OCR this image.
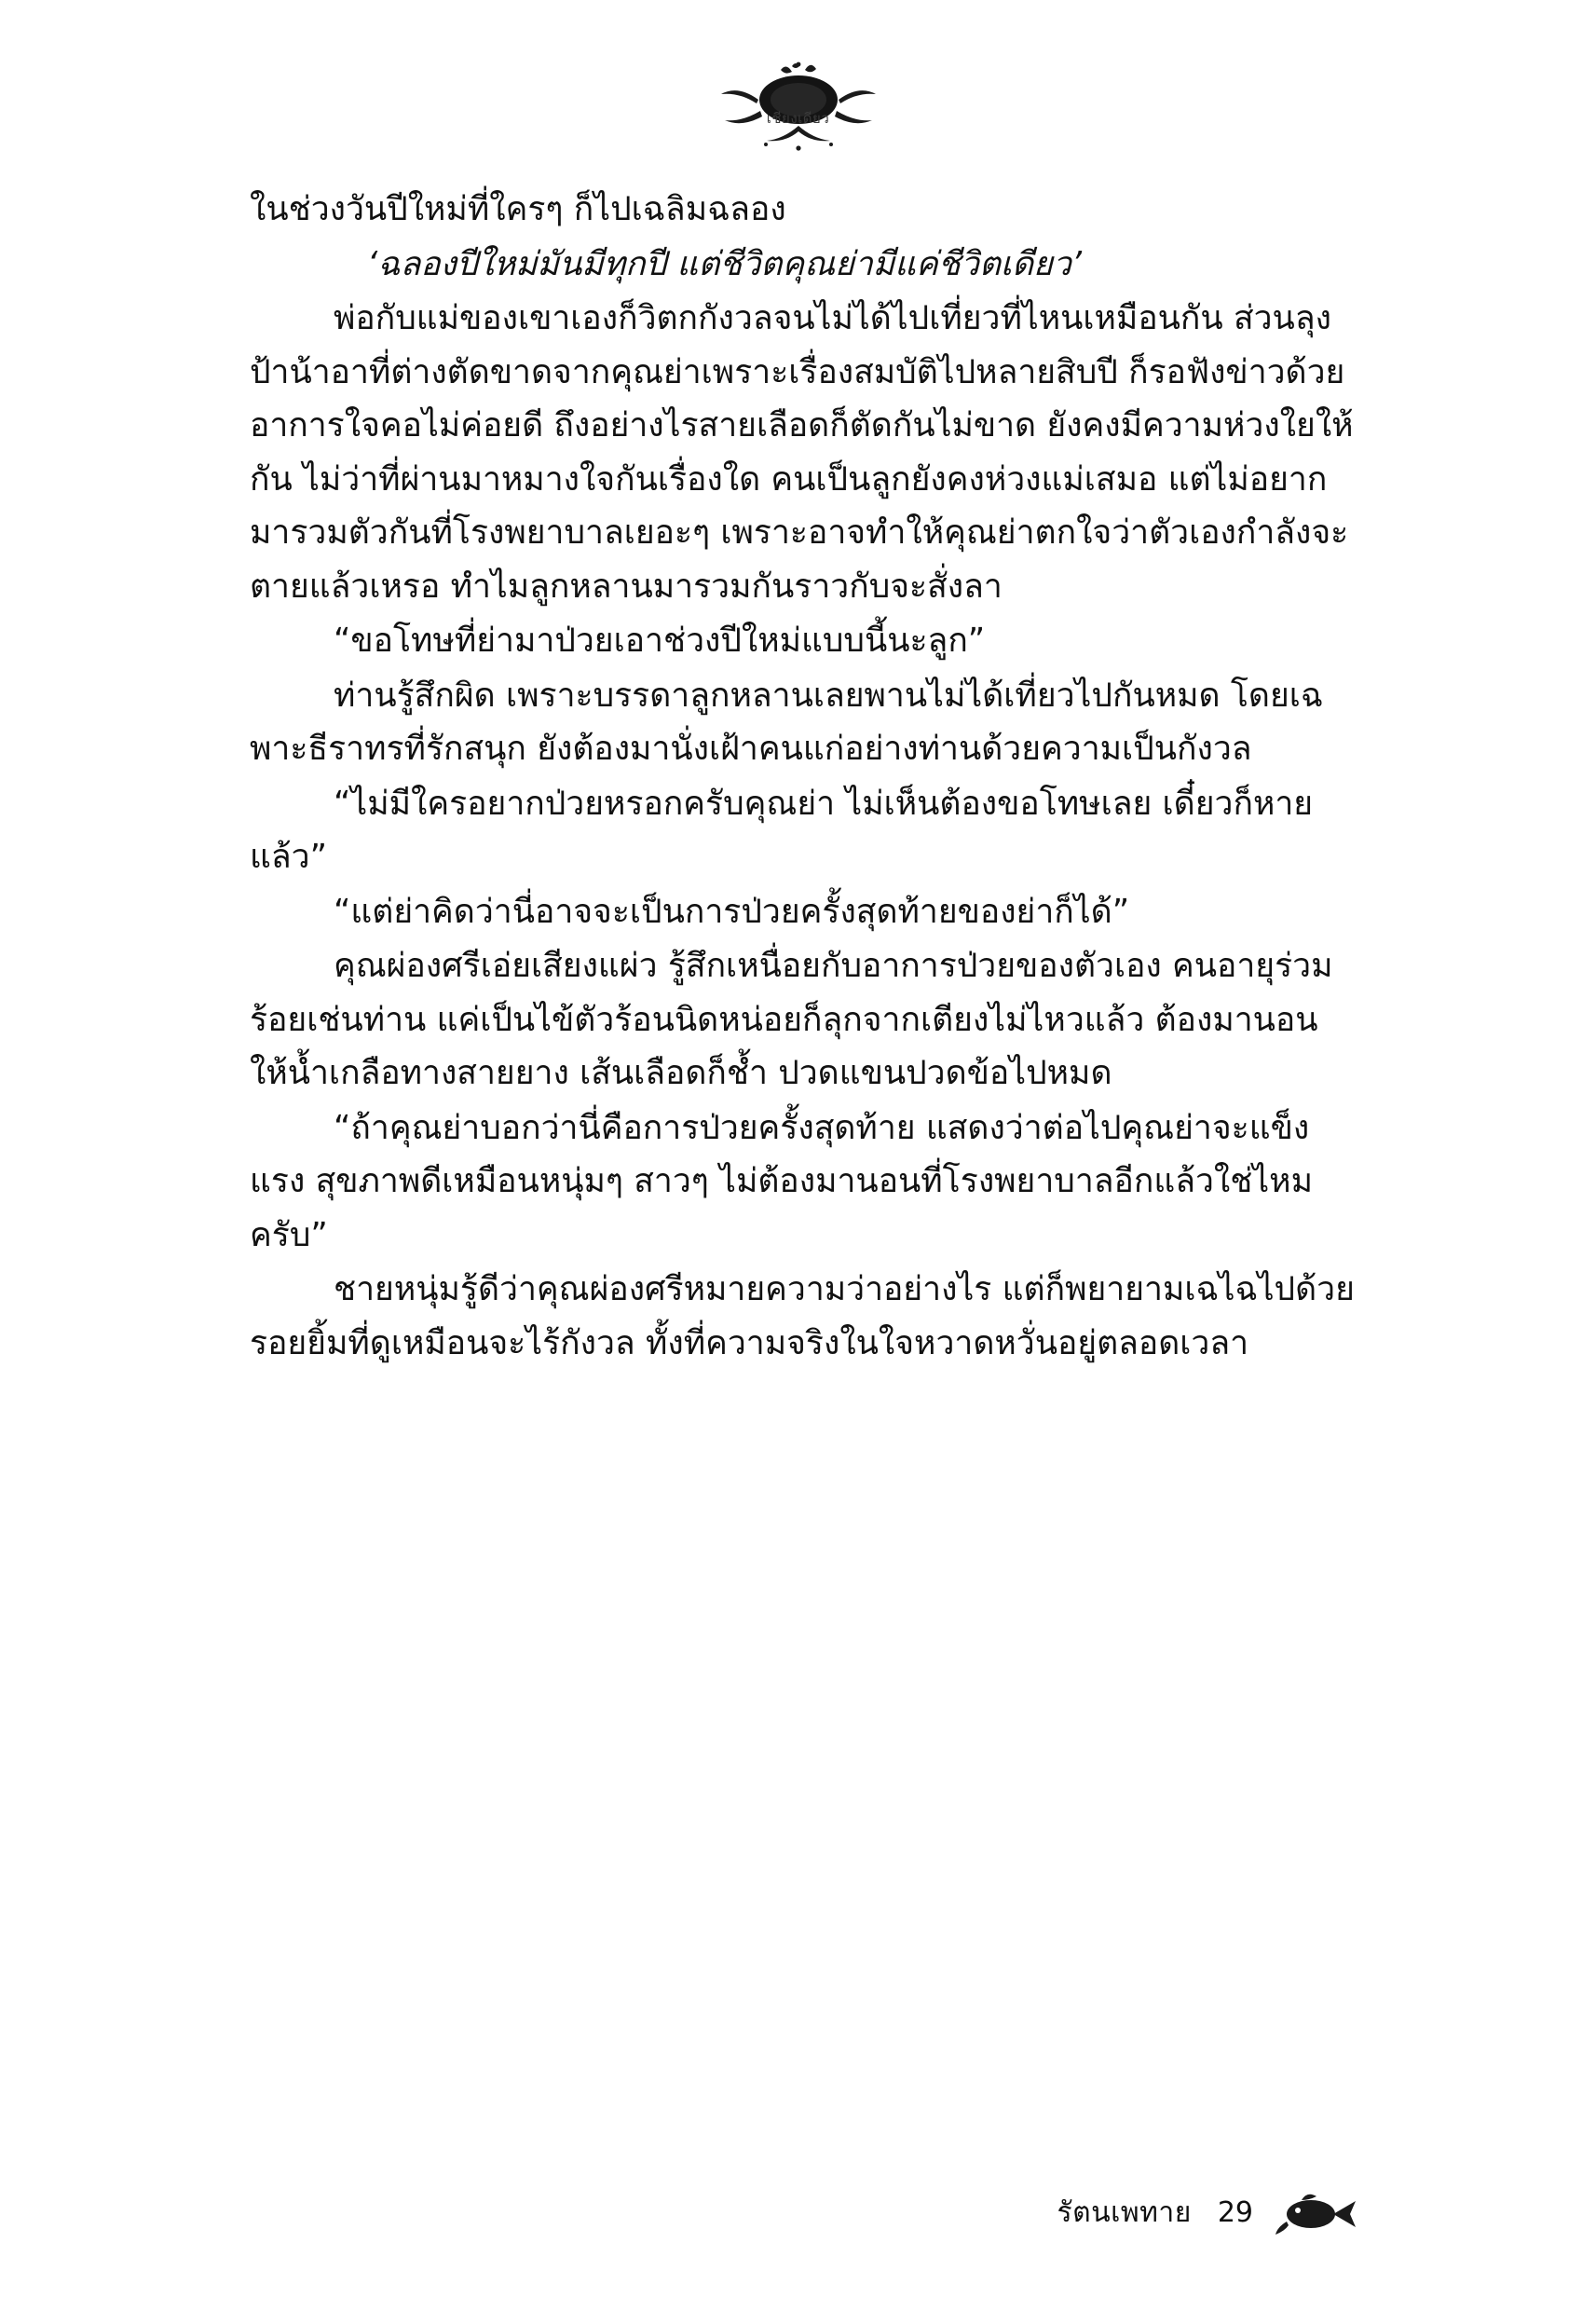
เชียงเดียว

ในช่วงวันปีใหม่ที่ใครๆ ก็ไปเฉลิมฉลอง

‘ฉลองปีใหม่มันมีทุกปี แต่ชีวิตคุณย่ามีแค่ชีวิตเดียว’

พ่อกับแม่ของเขาเองก็วิตกกังวลจนไม่ได้ไปเที่ยวที่ไหนเหมือนกัน ส่วนลุงป้าน้าอาที่ต่างตัดขาดจากคุณย่าเพราะเรื่องสมบัติไปหลายสิบปี ก็รอฟังข่าวด้วยอาการใจคอไม่ค่อยดี ถึงอย่างไรสายเลือดก็ตัดกันไม่ขาด ยังคงมีความห่วงใยให้กัน ไม่ว่าที่ผ่านมาหมางใจกันเรื่องใด คนเป็นลูกยังคงห่วงแม่เสมอ แต่ไม่อยากมารวมตัวกันที่โรงพยาบาลเยอะๆ เพราะอาจทำให้คุณย่าตกใจว่าตัวเองกำลังจะตายแล้วเหรอ ทำไมลูกหลานมารวมกันราวกับจะสั่งลา

“ขอโทษที่ย่ามาป่วยเอาช่วงปีใหม่แบบนี้นะลูก”

ท่านรู้สึกผิด เพราะบรรดาลูกหลานเลยพานไม่ได้เที่ยวไปกันหมด โดยเฉพาะธีราทรที่รักสนุก ยังต้องมานั่งเฝ้าคนแก่อย่างท่านด้วยความเป็นกังวล

“ไม่มีใครอยากป่วยหรอกครับคุณย่า ไม่เห็นต้องขอโทษเลย เดี๋ยวก็หายแล้ว”

“แต่ย่าคิดว่านี่อาจจะเป็นการป่วยครั้งสุดท้ายของย่าก็ได้”

คุณผ่องศรีเอ่ยเสียงแผ่ว รู้สึกเหนื่อยกับอาการป่วยของตัวเอง คนอายุร่วมร้อยเช่นท่าน แค่เป็นไข้ตัวร้อนนิดหน่อยก็ลุกจากเตียงไม่ไหวแล้ว ต้องมานอนให้น้ำเกลือทางสายยาง เส้นเลือดก็ช้ำ ปวดแขนปวดข้อไปหมด

“ถ้าคุณย่าบอกว่านี่คือการป่วยครั้งสุดท้าย แสดงว่าต่อไปคุณย่าจะแข็งแรง สุขภาพดีเหมือนหนุ่มๆ สาวๆ ไม่ต้องมานอนที่โรงพยาบาลอีกแล้วใช่ไหมครับ”

ชายหนุ่มรู้ดีว่าคุณผ่องศรีหมายความว่าอย่างไร แต่ก็พยายามเฉไฉไปด้วยรอยยิ้มที่ดูเหมือนจะไร้กังวล ทั้งที่ความจริงในใจหวาดหวั่นอยู่ตลอดเวลา

รัตนเพทาย 29
